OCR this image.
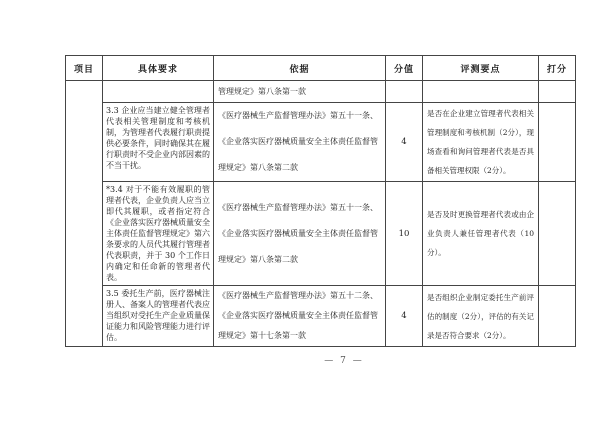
项目	具体要求	依据	分值	评测要点	打分
		管理规定》第八条第一款			
	3.3 企业应当建立健全管理者代表相关管理制度和考核机制，为管理者代表履行职责提供必要条件，同时确保其在履行职责时不受企业内部因素的不当干扰。	《医疗器械生产监督管理办法》第五十一条、《企业落实医疗器械质量安全主体责任监督管理规定》第八条第二款	4	是否在企业建立管理者代表相关管理制度和考核机制（2分），现场查看和询问管理者代表是否具备相关管理权限（2分）。	
	*3.4 对于不能有效履职的管理者代表，企业负责人应当立即代其履职，或者指定符合《企业落实医疗器械质量安全主体责任监督管理规定》第六条要求的人员代其履行管理者代表职责，并于 30 个工作日内确定和任命新的管理者代表。	《医疗器械生产监督管理办法》第五十一条、《企业落实医疗器械质量安全主体责任监督管理规定》第八条第二款	10	是否及时更换管理者代表或由企业负责人兼任管理者代表（10分）。	
	3.5 委托生产前，医疗器械注册人、备案人的管理者代表应当组织对受托生产企业质量保证能力和风险管理能力进行评估。	《医疗器械生产监督管理办法》第五十二条、《企业落实医疗器械质量安全主体责任监督管理规定》第十七条第一款	4	是否组织企业制定委托生产前评估的制度（2分），评估的有关记录是否符合要求（2分）。	
— 7 —
